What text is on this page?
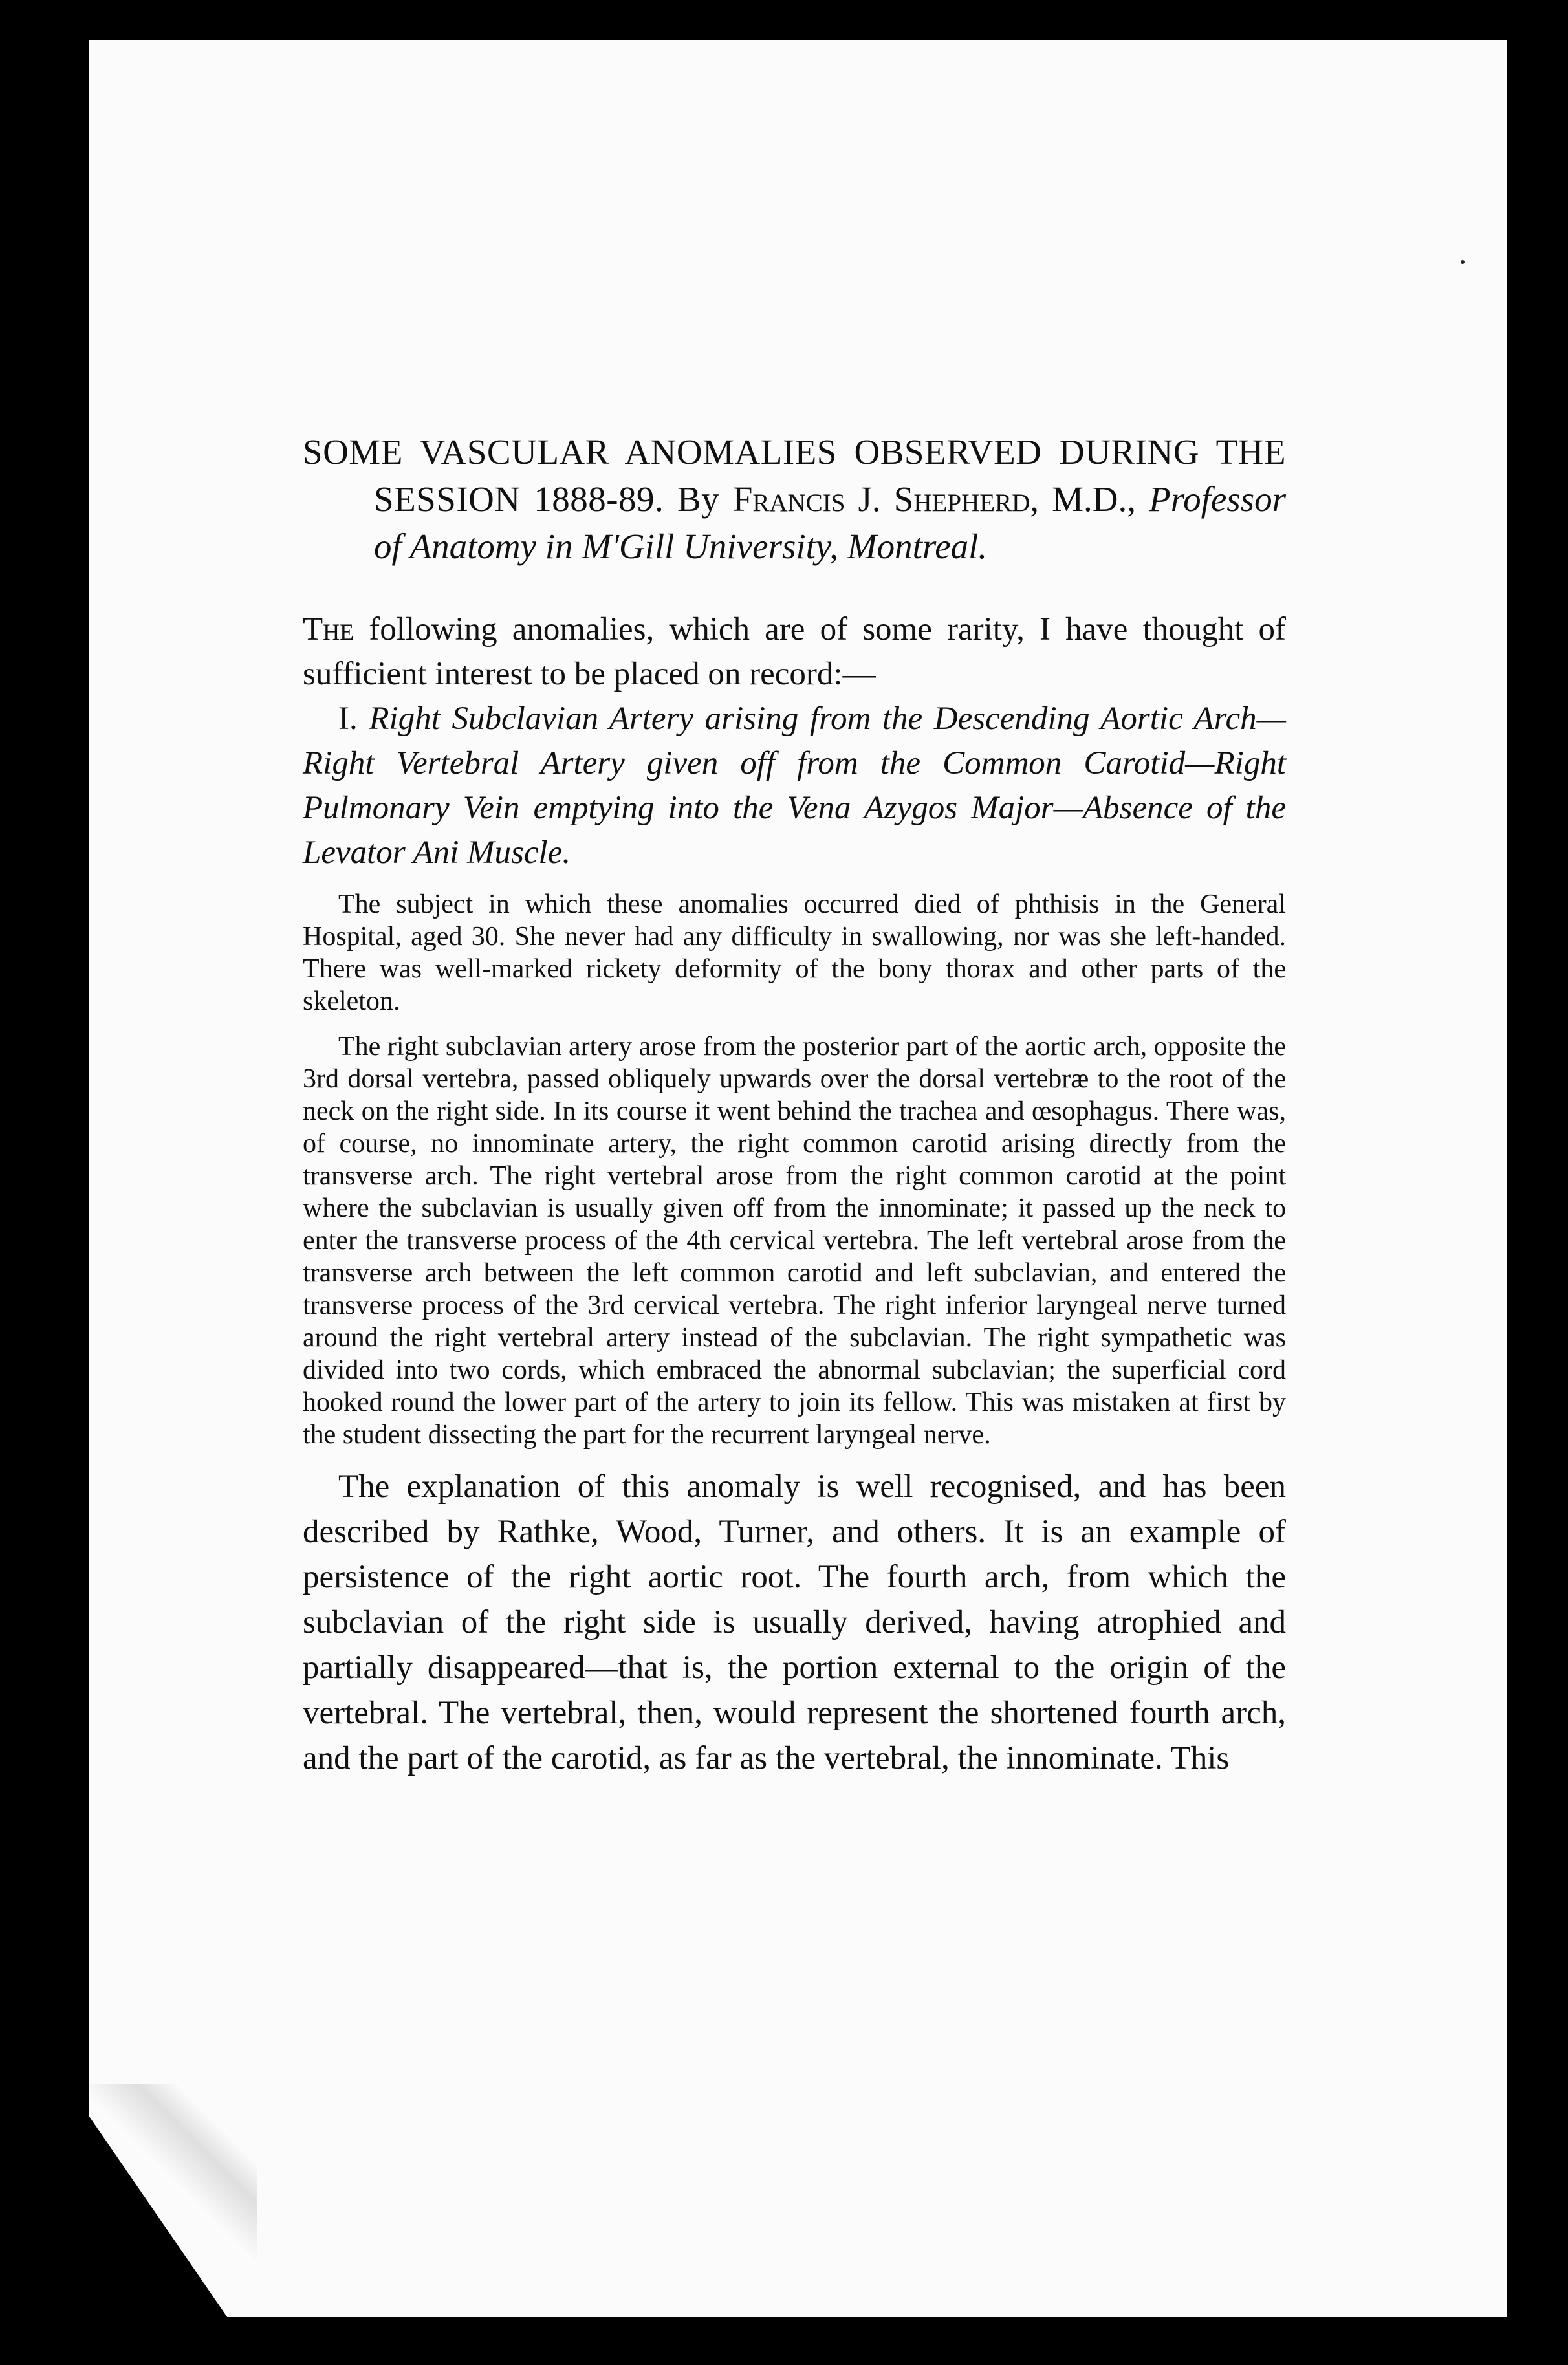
SOME VASCULAR ANOMALIES OBSERVED DURING THE SESSION 1888-89. By Francis J. Shepherd, M.D., Professor of Anatomy in M'Gill University, Montreal.

The following anomalies, which are of some rarity, I have thought of sufficient interest to be placed on record:—

I. Right Subclavian Artery arising from the Descending Aortic Arch—Right Vertebral Artery given off from the Common Carotid—Right Pulmonary Vein emptying into the Vena Azygos Major—Absence of the Levator Ani Muscle.

The subject in which these anomalies occurred died of phthisis in the General Hospital, aged 30. She never had any difficulty in swallowing, nor was she left-handed. There was well-marked rickety deformity of the bony thorax and other parts of the skeleton.

The right subclavian artery arose from the posterior part of the aortic arch, opposite the 3rd dorsal vertebra, passed obliquely upwards over the dorsal vertebræ to the root of the neck on the right side. In its course it went behind the trachea and œsophagus. There was, of course, no innominate artery, the right common carotid arising directly from the transverse arch. The right vertebral arose from the right common carotid at the point where the subclavian is usually given off from the innominate; it passed up the neck to enter the transverse process of the 4th cervical vertebra. The left vertebral arose from the transverse arch between the left common carotid and left subclavian, and entered the transverse process of the 3rd cervical vertebra. The right inferior laryngeal nerve turned around the right vertebral artery instead of the subclavian. The right sympathetic was divided into two cords, which embraced the abnormal subclavian; the superficial cord hooked round the lower part of the artery to join its fellow. This was mistaken at first by the student dissecting the part for the recurrent laryngeal nerve.

The explanation of this anomaly is well recognised, and has been described by Rathke, Wood, Turner, and others. It is an example of persistence of the right aortic root. The fourth arch, from which the subclavian of the right side is usually derived, having atrophied and partially disappeared—that is, the portion external to the origin of the vertebral. The vertebral, then, would represent the shortened fourth arch, and the part of the carotid, as far as the vertebral, the innominate. This
